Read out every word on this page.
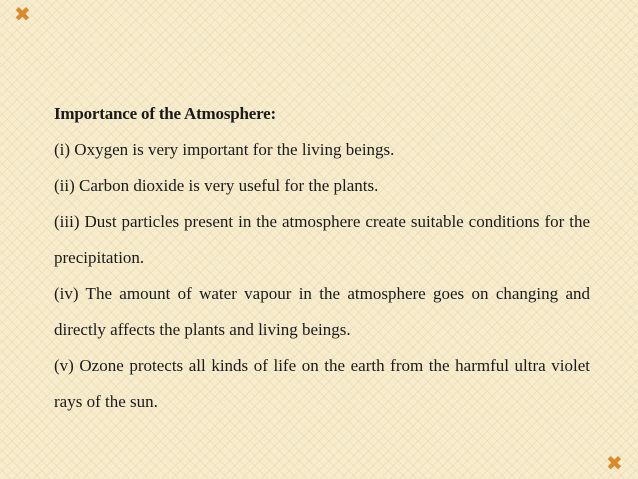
✖

Importance of the Atmosphere:

(i) Oxygen is very important for the living beings.

(ii) Carbon dioxide is very useful for the plants.

(iii) Dust particles present in the atmosphere create suitable conditions for the precipitation.

(iv) The amount of water vapour in the atmosphere goes on changing and directly affects the plants and living beings.

(v) Ozone protects all kinds of life on the earth from the harmful ultra violet rays of the sun.

✖
